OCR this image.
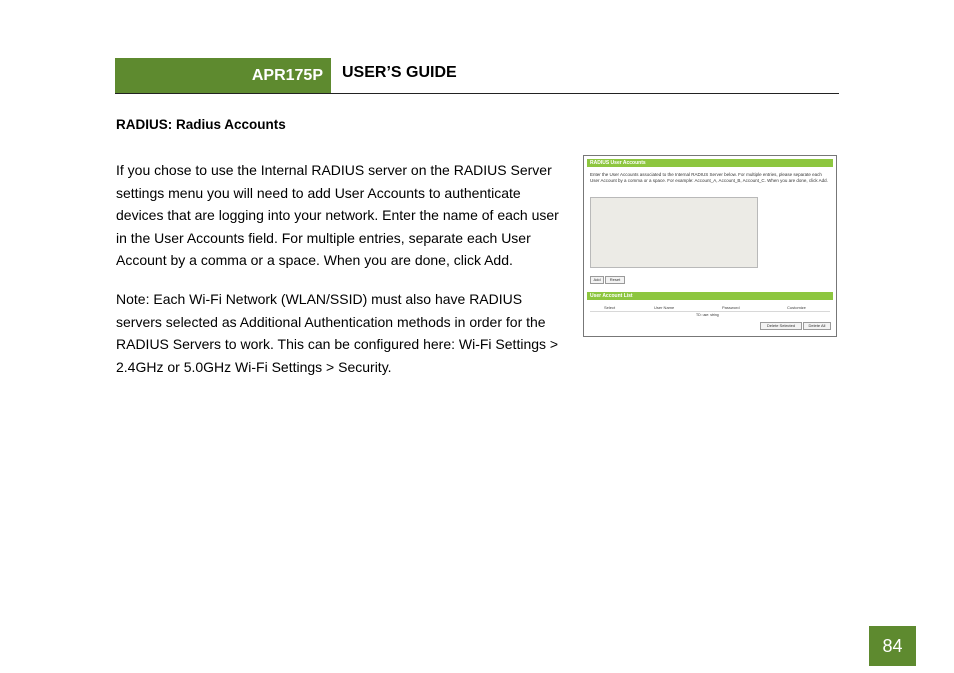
APR175P USER’S GUIDE
RADIUS: Radius Accounts

If you chose to use the Internal RADIUS server on the RADIUS Server settings menu you will need to add User Accounts to authenticate devices that are logging into your network. Enter the name of each user in the User Accounts field. For multiple entries, separate each User Account by a comma or a space. When you are done, click Add.

Note: Each Wi-Fi Network (WLAN/SSID) must also have RADIUS servers selected as Additional Authentication methods in order for the RADIUS Servers to work. This can be configured here: Wi-Fi Settings > 2.4GHz or 5.0GHz Wi-Fi Settings > Security.

RADIUS User Accounts
Enter the User Accounts associated to the Internal RADIUS Server below. For multiple entries, please separate each User Account by a comma or a space. For example: Account_A, Account_B, Account_C. When you are done, click Add.
Add	Reset
User Account List
Select	User Name	Password	Customize
TD: use: string
Delete Selected	Delete All
84
